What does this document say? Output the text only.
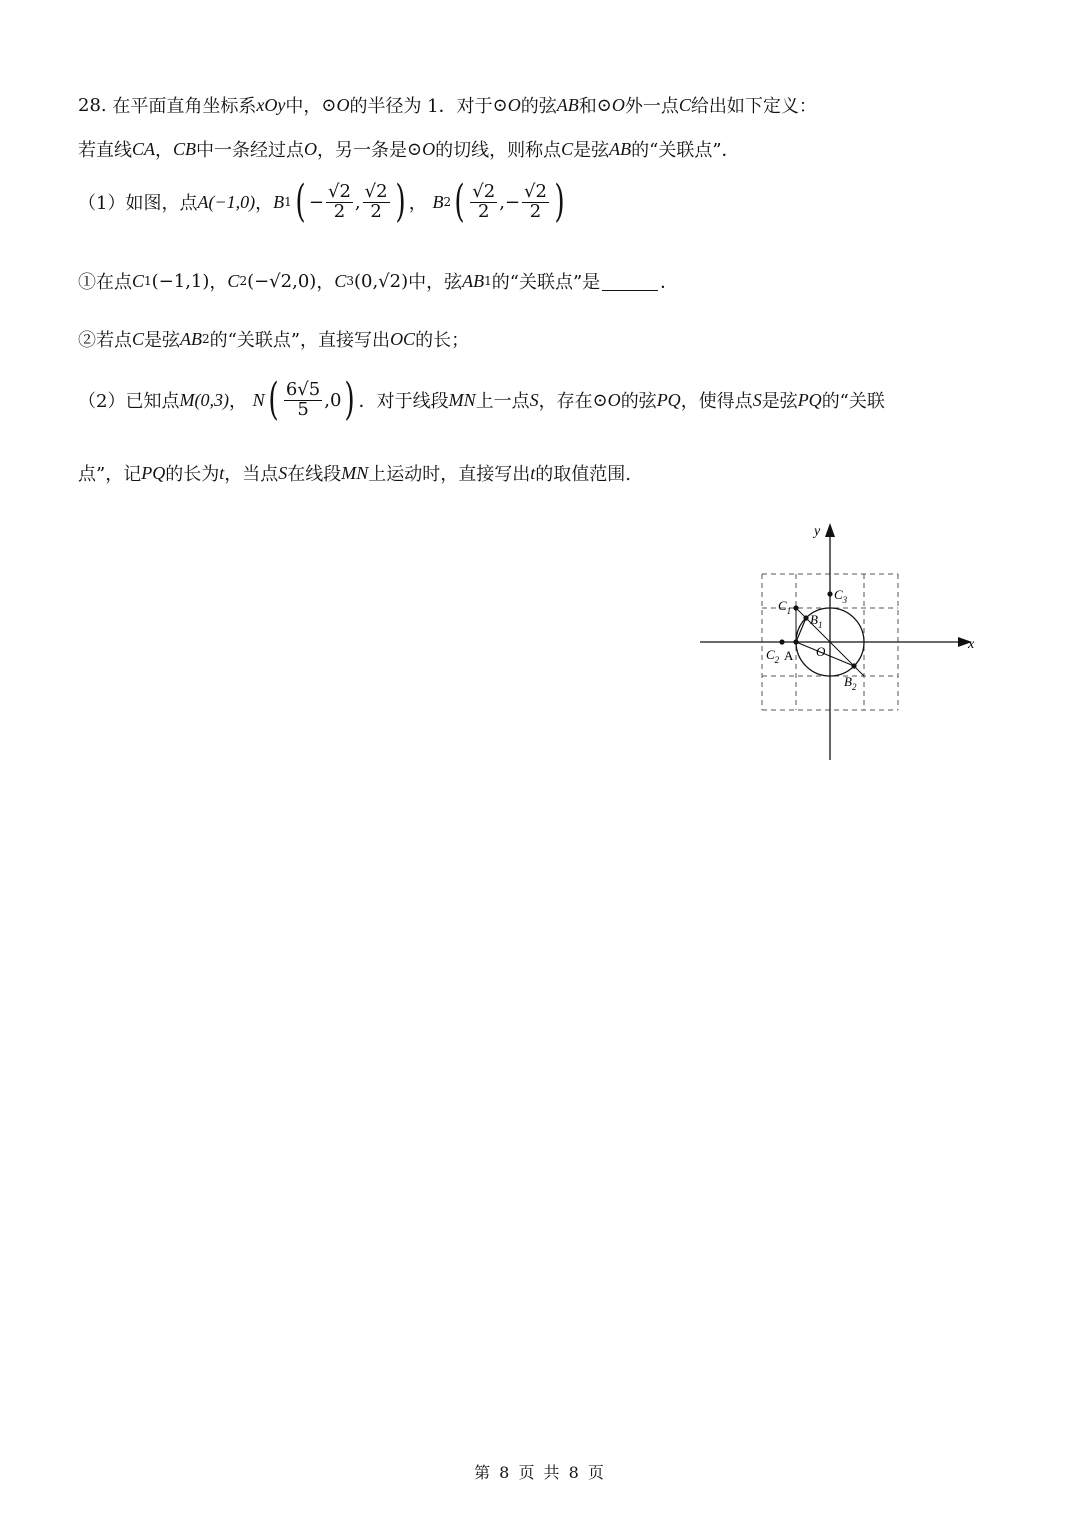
28.
在平面直角坐标系 xOy 中， ⊙O 的半径为 1．对于 ⊙O 的弦 AB 和 ⊙O 外一点 C 给出如下定义：
若直线 CA ， CB 中一条经过点 O ，另一条是 ⊙O 的切线，则称点 C 是弦 AB 的“关联点”．
（1）如图，点 A(−1,0) ， B 1 ( − $\frac{√2}{2}$ , $\frac{√2}{2}$ ) ，
B 2 ( $\frac{√2}{2}$ , − $\frac{√2}{2}$ )
①在点 C 1 (−1,1) ， C 2 (−√2,0) ， C 3 (0,√2) 中，弦 AB 1 的“关联点”是	．
②若点 C 是弦 AB 2 的“关联点”，直接写出 OC 的长；
（2）已知点 M(0,3) ，
N ( $\frac{6√5}{5} ,0$ ) ．对于线段 MN 上一点 S ，存在 ⊙O 的弦 PQ ，使得点 S 是弦 PQ 的“关联
点”，记 PQ 的长为 t ，当点 S 在线段 MN 上运动时，直接写出 t 的取值范围.
x
y
O
A
$B_1$
$B_2$
$C_1$
$C_2$
$C_3$
第 8 页 共 8 页
